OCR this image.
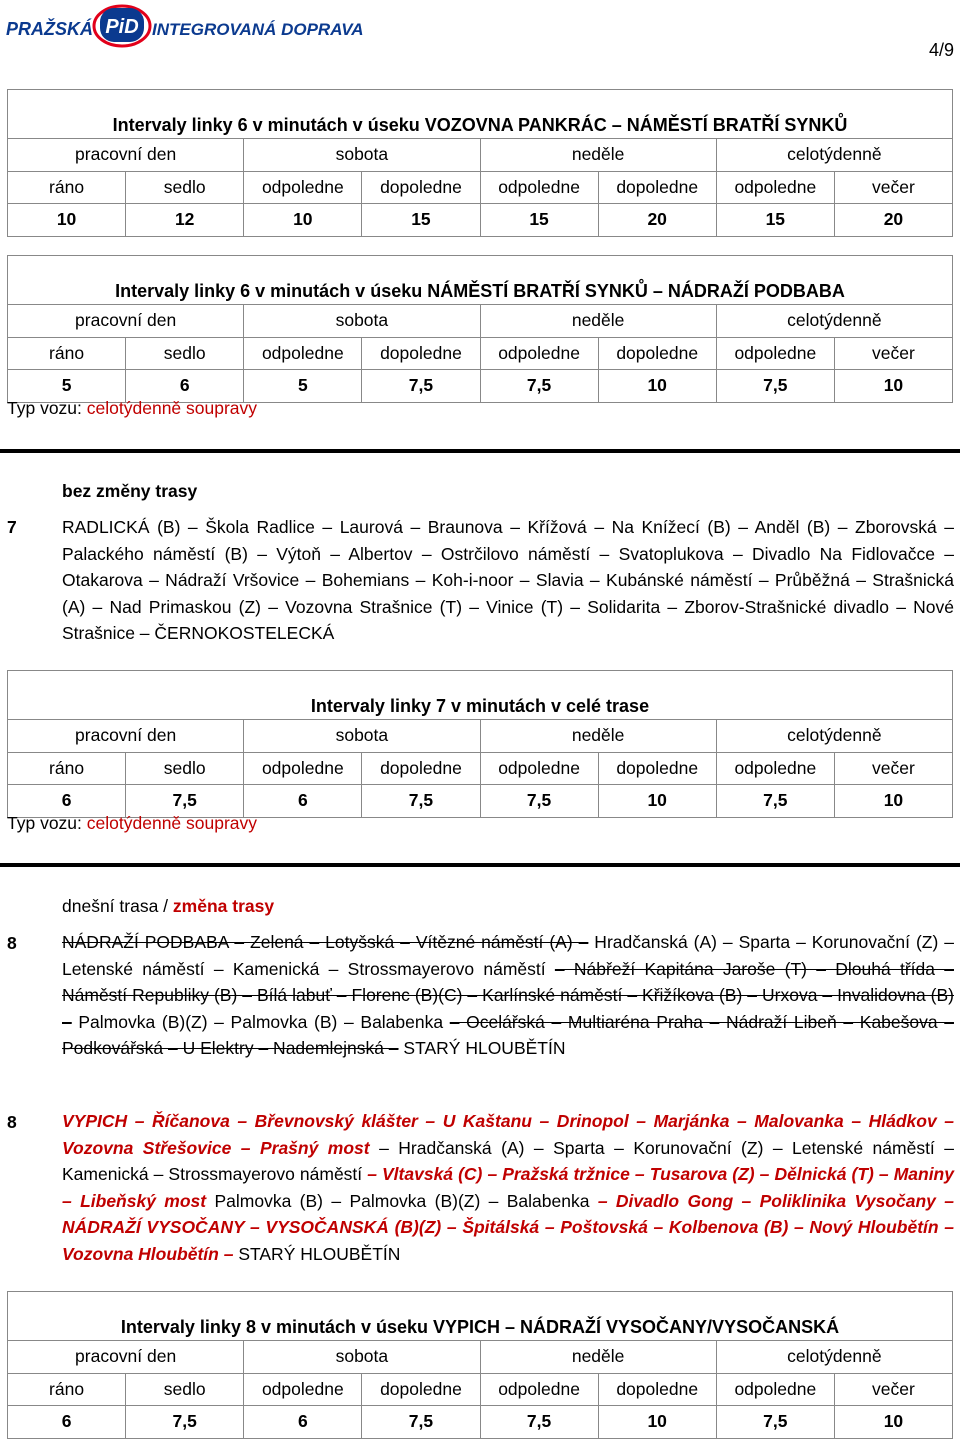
PRAŽSKÁ PiD INTEGROVANÁ DOPRAVA
4/9
Intervaly linky 6 v minutách v úseku VOZOVNA PANKRÁC – NÁMĚSTÍ BRATŘÍ SYNKŮ							
pracovní den		sobota		neděle		celotýdenně	
ráno	sedlo	odpoledne	dopoledne	odpoledne	dopoledne	odpoledne	večer
10	12	10	15	15	20	15	20
Intervaly linky 6 v minutách v úseku NÁMĚSTÍ BRATŘÍ SYNKŮ – NÁDRAŽÍ PODBABA							
pracovní den		sobota		neděle		celotýdenně	
ráno	sedlo	odpoledne	dopoledne	odpoledne	dopoledne	odpoledne	večer
5	6	5	7,5	7,5	10	7,5	10
Typ vozu: celotýdenně soupravy
bez změny trasy
7	RADLICKÁ (B) – Škola Radlice – Laurová – Braunova – Křížová – Na Knížecí (B) – Anděl (B) – Zborovská – Palackého náměstí (B) – Výtoň – Albertov – Ostrčilovo náměstí – Svatoplukova – Divadlo Na Fidlovačce – Otakarova – Nádraží Vršovice – Bohemians – Koh-i-noor – Slavia – Kubánské náměstí – Průběžná – Strašnická (A) – Nad Primaskou (Z) – Vozovna Strašnice (T) – Vinice (T) – Solidarita – Zborov-Strašnické divadlo – Nové Strašnice – ČERNOKOSTELECKÁ
Intervaly linky 7 v minutách v celé trase							
pracovní den		sobota		neděle		celotýdenně	
ráno	sedlo	odpoledne	dopoledne	odpoledne	dopoledne	odpoledne	večer
6	7,5	6	7,5	7,5	10	7,5	10
Typ vozu: celotýdenně soupravy
dnešní trasa / změna trasy
8	NÁDRAŽÍ PODBABA – Zelená – Lotyšská – Vítězné náměstí (A) – Hradčanská (A) – Sparta – Korunovační (Z) – Letenské náměstí – Kamenická – Strossmayerovo náměstí – Nábřeží Kapitána Jaroše (T) – Dlouhá třída – Náměstí Republiky (B) – Bílá labuť – Florenc (B)(C) – Karlínské náměstí – Křižíkova (B) – Urxova – Invalidovna (B) – Palmovka (B)(Z) – Palmovka (B) – Balabenka – Ocelářská – Multiaréna Praha – Nádraží Libeň – Kabešova – Podkovářská – U Elektry – Nademlejnská – STARÝ HLOUBĚTÍN
8	VYPICH – Říčanova – Břevnovský klášter – U Kaštanu – Drinopol – Marjánka – Malovanka – Hládkov – Vozovna Střešovice – Prašný most – Hradčanská (A) – Sparta – Korunovační (Z) – Letenské náměstí – Kamenická – Strossmayerovo náměstí – Vltavská (C) – Pražská tržnice – Tusarova (Z) – Dělnická (T) – Maniny – Libeňský most Palmovka (B) – Palmovka (B)(Z) – Balabenka – Divadlo Gong – Poliklinika Vysočany – NÁDRAŽÍ VYSOČANY – VYSOČANSKÁ (B)(Z) – Špitálská – Poštovská – Kolbenova (B) – Nový Hloubětín – Vozovna Hloubětín – STARÝ HLOUBĚTÍN
Intervaly linky 8 v minutách v úseku VYPICH – NÁDRAŽÍ VYSOČANY/VYSOČANSKÁ							
pracovní den		sobota		neděle		celotýdenně	
ráno	sedlo	odpoledne	dopoledne	odpoledne	dopoledne	odpoledne	večer
6	7,5	6	7,5	7,5	10	7,5	10
